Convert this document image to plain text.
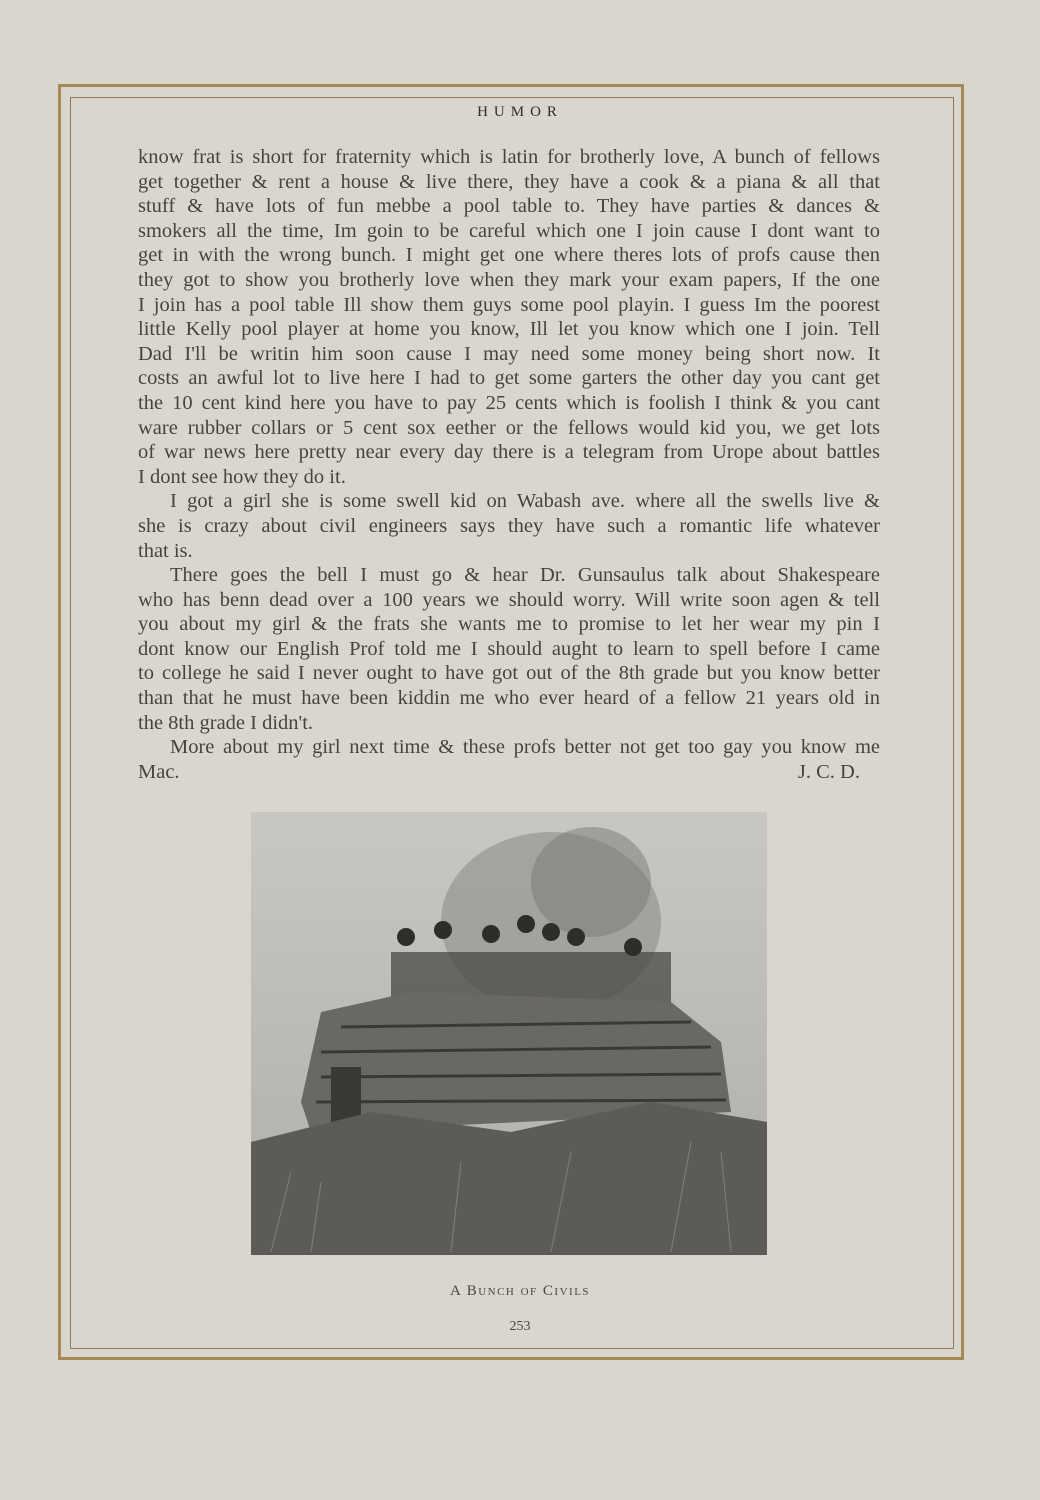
HUMOR
know frat is short for fraternity which is latin for brotherly love, A bunch of fellows
get together & rent a house & live there, they have a cook & a piana & all that
stuff & have lots of fun mebbe a pool table to. They have parties & dances &
smokers all the time, Im goin to be careful which one I join cause I dont want to
get in with the wrong bunch. I might get one where theres lots of profs cause then
they got to show you brotherly love when they mark your exam papers, If the one
I join has a pool table Ill show them guys some pool playin. I guess Im the poorest
little Kelly pool player at home you know, Ill let you know which one I join. Tell
Dad I'll be writin him soon cause I may need some money being short now. It
costs an awful lot to live here I had to get some garters the other day you cant get
the 10 cent kind here you have to pay 25 cents which is foolish I think & you cant
ware rubber collars or 5 cent sox eether or the fellows would kid you, we get lots
of war news here pretty near every day there is a telegram from Urope about battles
I dont see how they do it.
I got a girl she is some swell kid on Wabash ave. where all the swells live &
she is crazy about civil engineers says they have such a romantic life whatever
that is.
There goes the bell I must go & hear Dr. Gunsaulus talk about Shakespeare
who has benn dead over a 100 years we should worry. Will write soon agen & tell
you about my girl & the frats she wants me to promise to let her wear my pin I
dont know our English Prof told me I should aught to learn to spell before I came
to college he said I never ought to have got out of the 8th grade but you know better
than that he must have been kiddin me who ever heard of a fellow 21 years old in
the 8th grade I didn't.
More about my girl next time & these profs better not get too gay you know me
Mac.	J. C. D.
A Bunch of Civils
253
